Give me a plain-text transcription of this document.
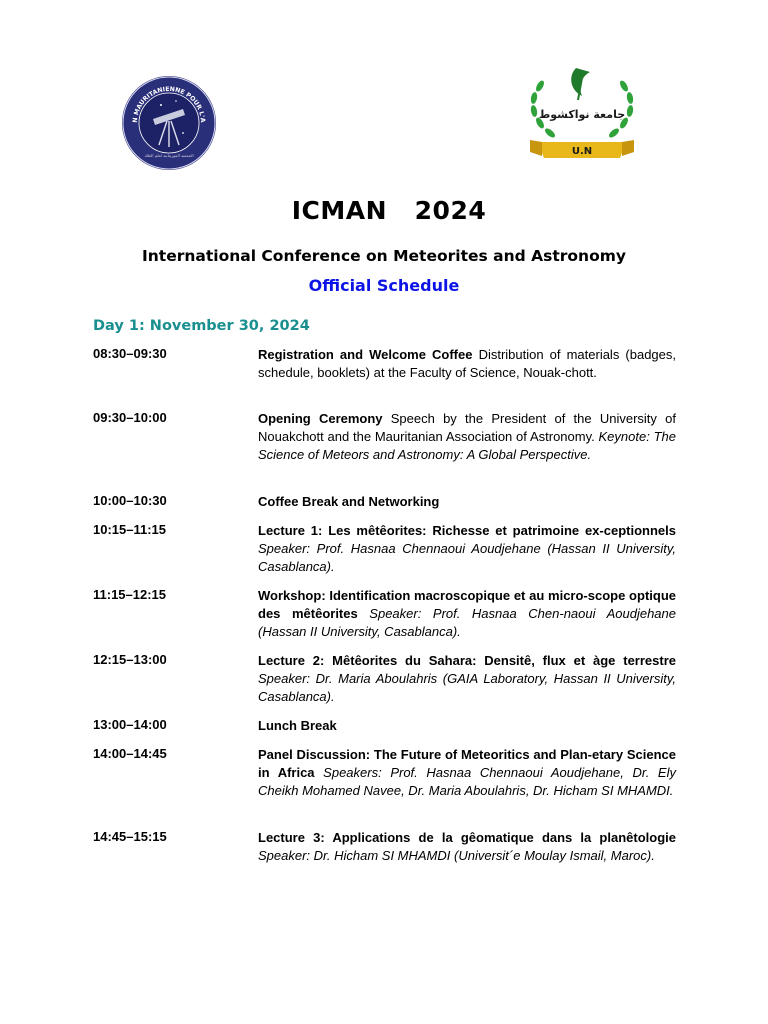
N MAURITANIENNE POUR L'A
الجمعية الموريتانية لعلم الفلك
جامعة نواكشوط
U.N
ICMAN   2024
International Conference on Meteorites and Astronomy
Official Schedule
Day 1: November 30, 2024
08:30–09:30	Registration and Welcome Coffee Distribution of materials (badges, schedule, booklets) at the Faculty of Science, Nouak-chott.
09:30–10:00	Opening Ceremony Speech by the President of the University of Nouakchott and the Mauritanian Association of Astronomy. Keynote: The Science of Meteors and Astronomy: A Global Perspective.
10:00–10:30	Coffee Break and Networking
10:15–11:15	Lecture 1: Les mêtêorites: Richesse et patrimoine ex-ceptionnels Speaker: Prof. Hasnaa Chennaoui Aoudjehane (Hassan II University, Casablanca).
11:15–12:15	Workshop: Identification macroscopique et au micro-scope optique des mêtêorites Speaker: Prof. Hasnaa Chen-naoui Aoudjehane (Hassan II University, Casablanca).
12:15–13:00	Lecture 2: Mêtêorites du Sahara: Densitê, flux et àge terrestre Speaker: Dr. Maria Aboulahris (GAIA Laboratory, Hassan II University, Casablanca).
13:00–14:00	Lunch Break
14:00–14:45	Panel Discussion: The Future of Meteoritics and Plan-etary Science in Africa Speakers: Prof. Hasnaa Chennaoui Aoudjehane, Dr. Ely Cheikh Mohamed Navee, Dr. Maria Aboulahris, Dr. Hicham SI MHAMDI.
14:45–15:15	Lecture 3: Applications de la gêomatique dans la planêtologie Speaker: Dr. Hicham SI MHAMDI (Universit´e Moulay Ismail, Maroc).
